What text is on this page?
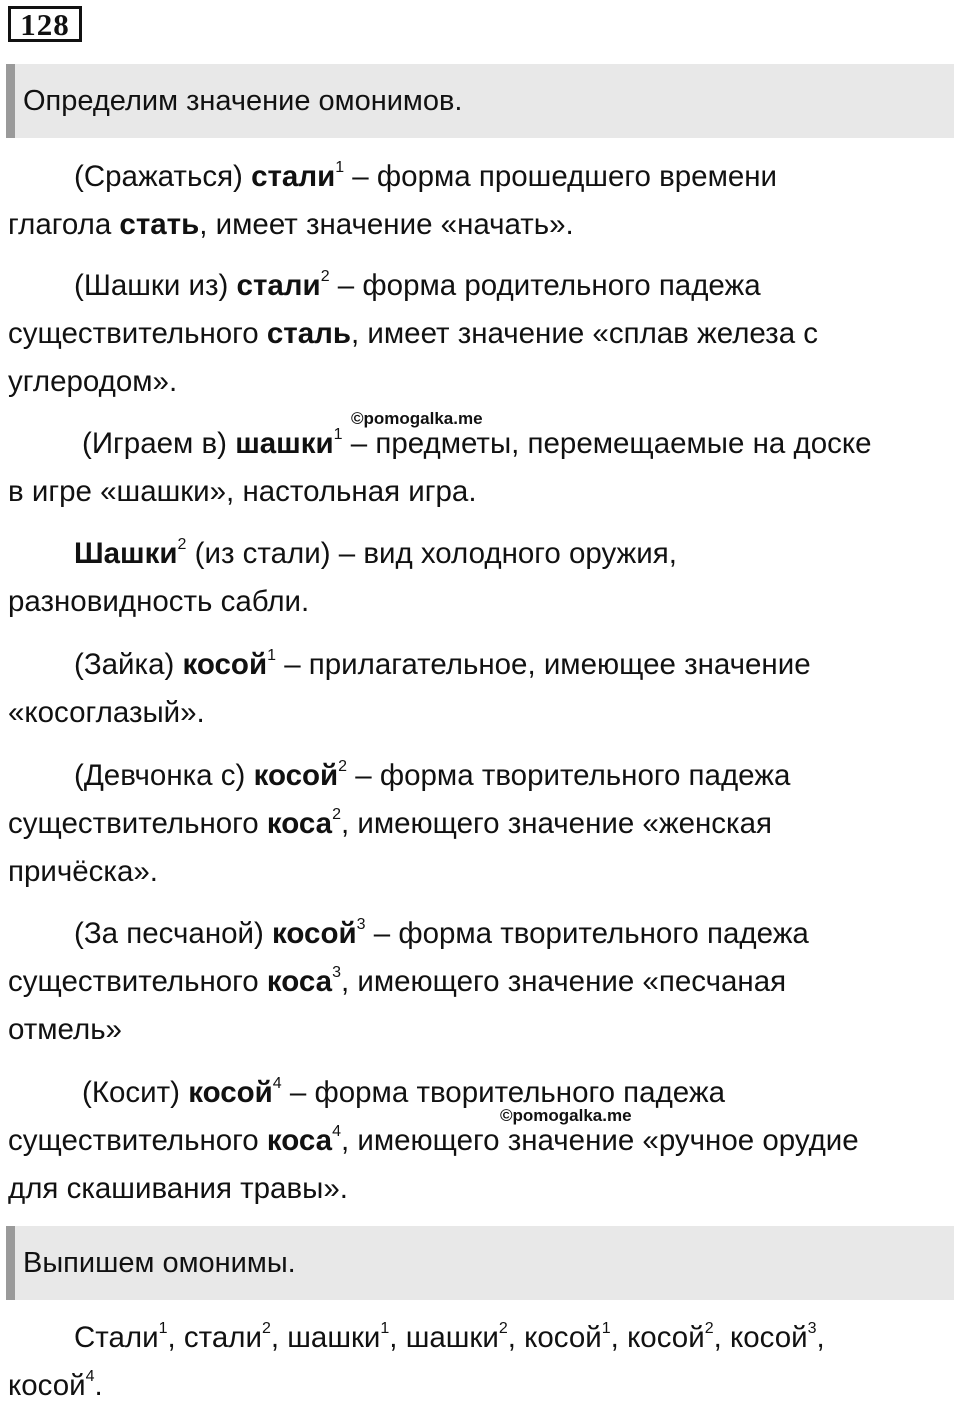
128
Определим значение омонимов.

(Сражаться) стали$^1$ – форма прошедшего времени
глагола стать, имеет значение «начать».

(Шашки из) стали$^2$ – форма родительного падежа
существительного сталь, имеет значение «сплав железа с
углеродом».

©pomogalka.me

(Играем в) шашки$^1$ – предметы, перемещаемые на доске
в игре «шашки», настольная игра.

Шашки$^2$ (из стали) – вид холодного оружия,
разновидность сабли.

(Зайка) косой$^1$ – прилагательное, имеющее значение
«косоглазый».

(Девчонка с) косой$^2$ – форма творительного падежа
существительного коса$^2$, имеющего значение «женская
причёска».

(За песчаной) косой$^3$ – форма творительного падежа
существительного коса$^3$, имеющего значение «песчаная
отмель»

(Косит) косой$^4$ – форма творительного падежа
существительного коса$^4$, имеющего значение «ручное орудие
для скашивания травы».

©pomogalka.me
Выпишем омонимы.

Стали$^1$, стали$^2$, шашки$^1$, шашки$^2$, косой$^1$, косой$^2$, косой$^3$,
косой$^4$.
